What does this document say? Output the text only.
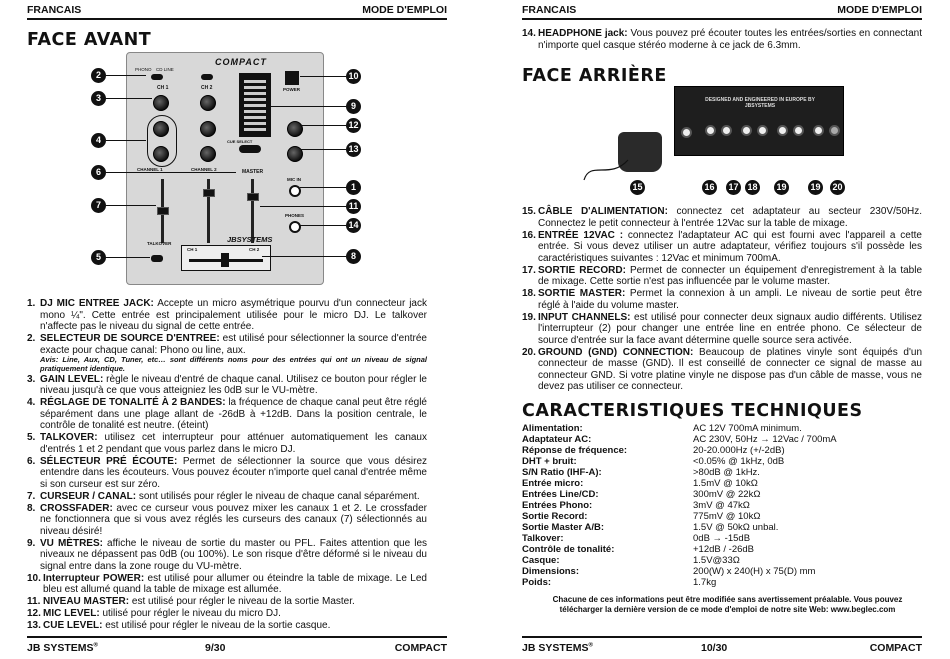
FRANCAIS	MODE D'EMPLOI
FACE AVANT
COMPACT
PHONO CD LINE
CH 1	CH 2	POWER
CUE SELECT
CHANNEL 1	CHANNEL 2	MASTER
MIC IN
PHONES
JBSYSTEMS
TALKOVER
CH 1	CH 2
2
3
4
6
7
5
10
9
12
13
1
11
14
8
1. DJ MIC ENTREE JACK: Accepte un micro asymétrique pourvu d'un connecteur jack mono ¼". Cette entrée est principalement utilisée pour le micro DJ. Le talkover n'affecte pas le niveau du signal de cette entrée.
2. SELECTEUR DE SOURCE D'ENTREE: est utilisé pour sélectionner la source d'entrée exacte pour chaque canal: Phono ou line, aux.
Avis: Line, Aux, CD, Tuner, etc… sont différents noms pour des entrées qui ont un niveau de signal pratiquement identique.
3. GAIN LEVEL: règle le niveau d'entré de chaque canal. Utilisez ce bouton pour régler le niveau jusqu'à ce que vous atteigniez les 0dB sur le VU-mètre.
4. RÉGLAGE DE TONALITÉ À 2 BANDES: la fréquence de chaque canal peut être réglé séparément dans une plage allant de -26dB à +12dB. Dans la position centrale, le contrôle de tonalité est neutre. (éteint)
5. TALKOVER: utilisez cet interrupteur pour atténuer automatiquement les canaux d'entrés 1 et 2 pendant que vous parlez dans le micro DJ.
6. SÉLECTEUR PRÉ ÉCOUTE: Permet de sélectionner la source que vous désirez entendre dans les écouteurs. Vous pouvez écouter n'importe quel canal d'entrée même si son curseur est sur zéro.
7. CURSEUR / CANAL: sont utilisés pour régler le niveau de chaque canal séparément.
8. CROSSFADER: avec ce curseur vous pouvez mixer les canaux 1 et 2. Le crossfader ne fonctionnera que si vous avez réglés les curseurs des canaux (7) sélectionnés au niveau désiré!
9. VU MÈTRES: affiche le niveau de sortie du master ou PFL. Faites attention que les niveaux ne dépassent pas 0dB (ou 100%). Le son risque d'être déformé si le niveau du signal entre dans la zone rouge du VU-mètre.
10. Interrupteur POWER: est utilisé pour allumer ou éteindre la table de mixage. Le Led bleu est allumé quand la table de mixage est allumée.
11. NIVEAU MASTER: est utilisé pour régler le niveau de la sortie Master.
12. MIC LEVEL: utilisé pour régler le niveau du micro DJ.
13. CUE LEVEL: est utilisé pour régler le niveau de la sortie casque.
JB SYSTEMS®	9/30	COMPACT
FRANCAIS	MODE D'EMPLOI
14. HEADPHONE jack: Vous pouvez pré écouter toutes les entrées/sorties en connectant n'importe quel casque stéréo moderne à ce jack de 6.3mm.
FACE ARRIÈRE
DESIGNED AND ENGINEERED IN EUROPE BY JBSYSTEMS
15	16 17 18 19	19 20
15. CÂBLE D'ALIMENTATION: connectez cet adaptateur au secteur 230V/50Hz. Connectez le petit connecteur à l'entrée 12Vac sur la table de mixage.
16. ENTRÉE 12VAC : connectez l'adaptateur AC qui est fourni avec l'appareil a cette entrée. Si vous devez utiliser un autre adaptateur, vérifiez toujours s'il possède les caractéristiques suivantes : 12Vac et minimum 700mA.
17. SORTIE RECORD: Permet de connecter un équipement d'enregistrement à la table de mixage. Cette sortie n'est pas influencée par le volume master.
18. SORTIE MASTER: Permet la connexion à un ampli. Le niveau de sortie peut être réglé à l'aide du volume master.
19. INPUT CHANNELS: est utilisé pour connecter deux signaux audio différents. Utilisez l'interrupteur (2) pour changer une entrée line en entrée phono. Ce sélecteur de source d'entrée sur la face avant détermine quelle source sera activée.
20. GROUND (GND) CONNECTION: Beaucoup de platines vinyle sont équipés d'un connecteur de masse (GND). Il est conseillé de connecter ce signal de masse au connecteur GND. Si votre platine vinyle ne dispose pas d'un câble de masse, vous ne devez pas utiliser ce connecteur.
CARACTERISTIQUES TECHNIQUES
Alimentation:	AC 12V 700mA minimum.
Adaptateur AC:	AC 230V, 50Hz → 12Vac / 700mA
Réponse de fréquence:	20-20.000Hz (+/-2dB)
DHT + bruit:	<0.05% @ 1kHz, 0dB
S/N Ratio (IHF-A):	>80dB @ 1kHz.
Entrée micro:	1.5mV @ 10kΩ
Entrées Line/CD:	300mV @ 22kΩ
Entrées Phono:	3mV @ 47kΩ
Sortie Record:	775mV @ 10kΩ
Sortie Master A/B:	1.5V @ 50kΩ unbal.
Talkover:	0dB → -15dB
Contrôle de tonalité:	+12dB / -26dB
Casque:	1.5V@33Ω
Dimensions:	200(W) x 240(H) x 75(D) mm
Poids:	1.7kg
Chacune de ces informations peut être modifiée sans avertissement préalable. Vous pouvez
télécharger la dernière version de ce mode d'emploi de notre site Web: www.beglec.com
JB SYSTEMS®	10/30	COMPACT
